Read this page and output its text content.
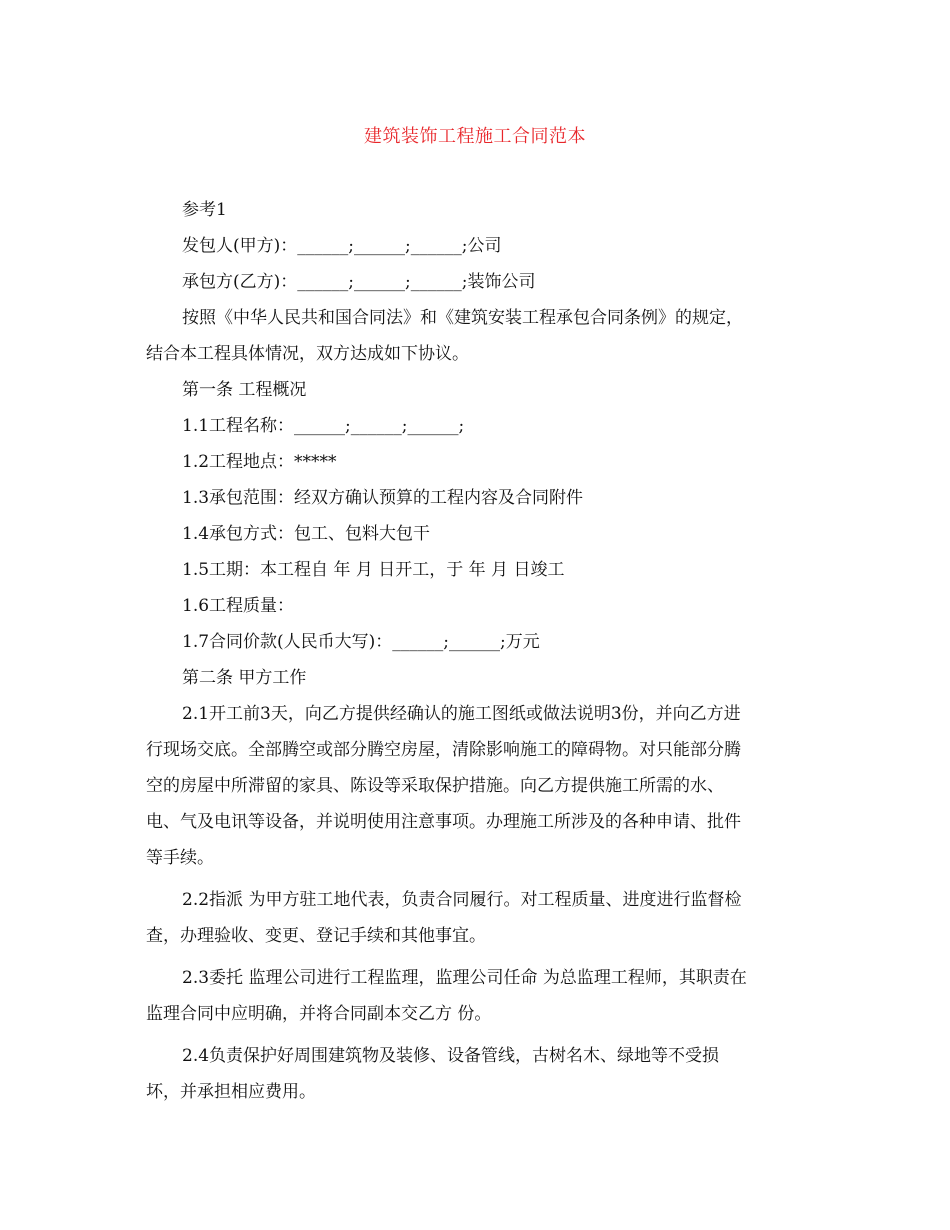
建筑装饰工程施工合同范本
参考1
发包人(甲方)：______;______;______;公司
承包方(乙方)：______;______;______;装饰公司
按照《中华人民共和国合同法》和《建筑安装工程承包合同条例》的规定，
结合本工程具体情况，双方达成如下协议。
第一条 工程概况
1.1工程名称：______;______;______;
1.2工程地点：*****
1.3承包范围：经双方确认预算的工程内容及合同附件
1.4承包方式：包工、包料大包干
1.5工期：本工程自 年 月 日开工，于 年 月 日竣工
1.6工程质量：
1.7合同价款(人民币大写)：______;______;万元
第二条 甲方工作
2.1开工前3天，向乙方提供经确认的施工图纸或做法说明3份，并向乙方进
行现场交底。全部腾空或部分腾空房屋，清除影响施工的障碍物。对只能部分腾
空的房屋中所滞留的家具、陈设等采取保护措施。向乙方提供施工所需的水、
电、气及电讯等设备，并说明使用注意事项。办理施工所涉及的各种申请、批件
等手续。
2.2指派 为甲方驻工地代表，负责合同履行。对工程质量、进度进行监督检
查，办理验收、变更、登记手续和其他事宜。
2.3委托 监理公司进行工程监理，监理公司任命 为总监理工程师，其职责在
监理合同中应明确，并将合同副本交乙方 份。
2.4负责保护好周围建筑物及装修、设备管线，古树名木、绿地等不受损
坏，并承担相应费用。
